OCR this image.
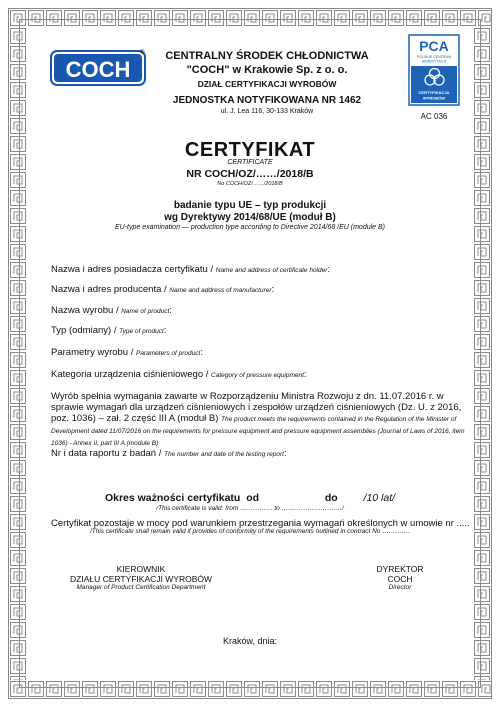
COCH
®	CENTRALNY ŚRODEK CHŁODNICTWA
"COCH" w Krakowie Sp. z o. o.
DZIAŁ CERTYFIKACJI WYROBÓW
JEDNOSTKA NOTYFIKOWANA NR 1462
ul. J. Lea 116, 30-133 Kraków
PCA
POLSKIE CENTRUM
AKREDYTACJI
CERTYFIKACJA
WYROBÓW
AC 036
CERTYFIKAT
CERTIFICATE
NR COCH/OZ/……/2018/B
No COCH/OZ/……/2018/B
badanie typu UE – typ produkcji
wg Dyrektywy 2014/68/UE (moduł B)
EU-type examination — production type according to Directive 2014/68 /EU (module B)
Nazwa i adres posiadacza certyfikatu / Name and address of certificate holder:
Nazwa i adres producenta / Name and address of manufacturer:
Nazwa wyrobu / Name of product:
Typ (odmiany) / Type of product:
Parametry wyrobu / Parameters of product:
Kategoria urządzenia ciśnieniowego / Category of pressure equipment:
Wyrób spełnia wymagania zawarte w Rozporządzeniu Ministra Rozwoju z dn. 11.07.2016 r. w sprawie wymagań dla urządzeń ciśnieniowych i zespołów urządzeń ciśnieniowych (Dz. U. z 2016, poz. 1036) – zał. 2 część III A (moduł B) The product meets the requirements contained in the Regulation of the Minister of Development dated 11/07/2016 on the requirements for pressure equipment and pressure equipment assemblies (Journal of Laws of 2016, item 1036) - Annex II, part III A (module B)
Nr i data raportu z badań / The number and date of the testing report:
Okres ważności certyfikatu od	do /10 lat/
/This certificate is valid: from …………… to ………………………./
Certyfikat pozostaje w mocy pod warunkiem przestrzegania wymagań określonych w umowie nr .....
/This certificate shall remain valid if provides of conformity of the requirements outlined in contract No ………….
KIEROWNIK
DZIAŁU CERTYFIKACJI WYROBÓW
Manager of Product Certification Department
DYREKTOR
COCH
Director
Kraków, dnia:
